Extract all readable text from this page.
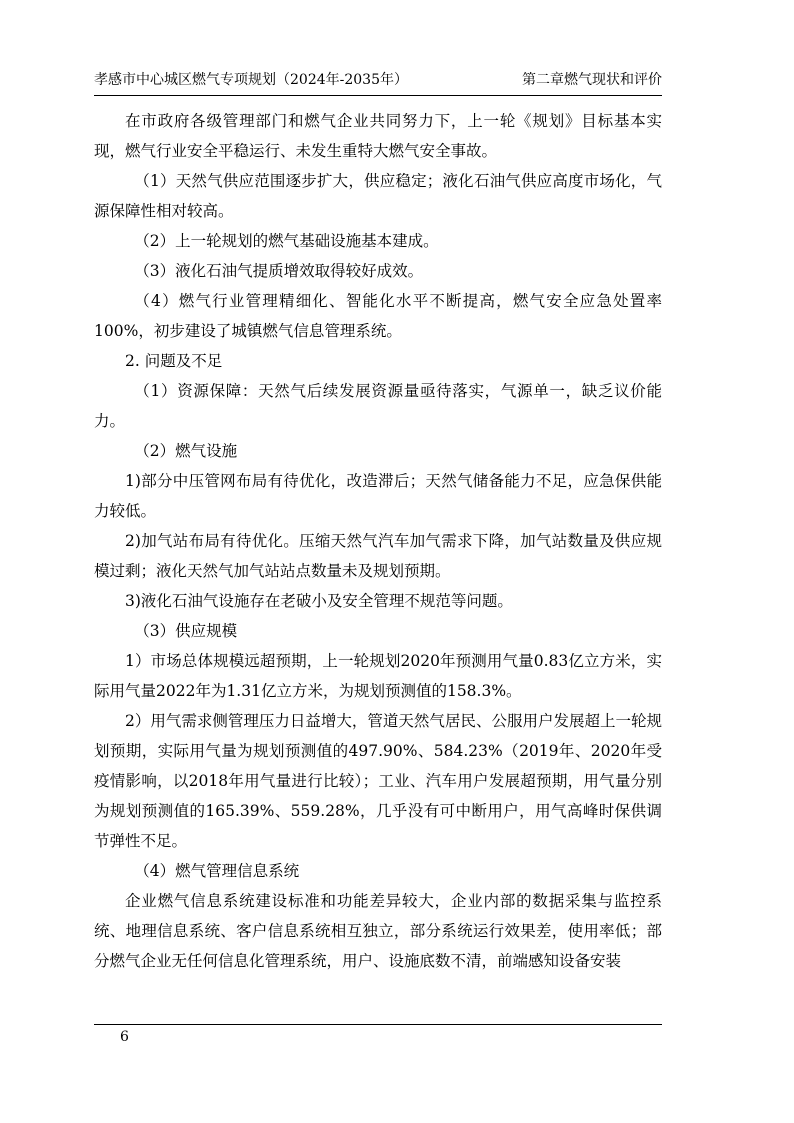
孝感市中心城区燃气专项规划（2024年-2035年）	第二章燃气现状和评价

在市政府各级管理部门和燃气企业共同努力下，上一轮《规划》目标基本实现，燃气行业安全平稳运行、未发生重特大燃气安全事故。

（1）天然气供应范围逐步扩大，供应稳定；液化石油气供应高度市场化，气源保障性相对较高。

（2）上一轮规划的燃气基础设施基本建成。

（3）液化石油气提质增效取得较好成效。

（4）燃气行业管理精细化、智能化水平不断提高，燃气安全应急处置率100%，初步建设了城镇燃气信息管理系统。

2. 问题及不足

（1）资源保障：天然气后续发展资源量亟待落实，气源单一，缺乏议价能力。

（2）燃气设施

1)部分中压管网布局有待优化，改造滞后；天然气储备能力不足，应急保供能力较低。

2)加气站布局有待优化。压缩天然气汽车加气需求下降，加气站数量及供应规模过剩；液化天然气加气站站点数量未及规划预期。

3)液化石油气设施存在老破小及安全管理不规范等问题。

（3）供应规模

1）市场总体规模远超预期，上一轮规划2020年预测用气量0.83亿立方米，实际用气量2022年为1.31亿立方米，为规划预测值的158.3%。

2）用气需求侧管理压力日益增大，管道天然气居民、公服用户发展超上一轮规划预期，实际用气量为规划预测值的497.90%、584.23%（2019年、2020年受疫情影响，以2018年用气量进行比较）；工业、汽车用户发展超预期，用气量分别为规划预测值的165.39%、559.28%，几乎没有可中断用户，用气高峰时保供调节弹性不足。

（4）燃气管理信息系统

企业燃气信息系统建设标准和功能差异较大，企业内部的数据采集与监控系统、地理信息系统、客户信息系统相互独立，部分系统运行效果差，使用率低；部分燃气企业无任何信息化管理系统，用户、设施底数不清，前端感知设备安装

6
